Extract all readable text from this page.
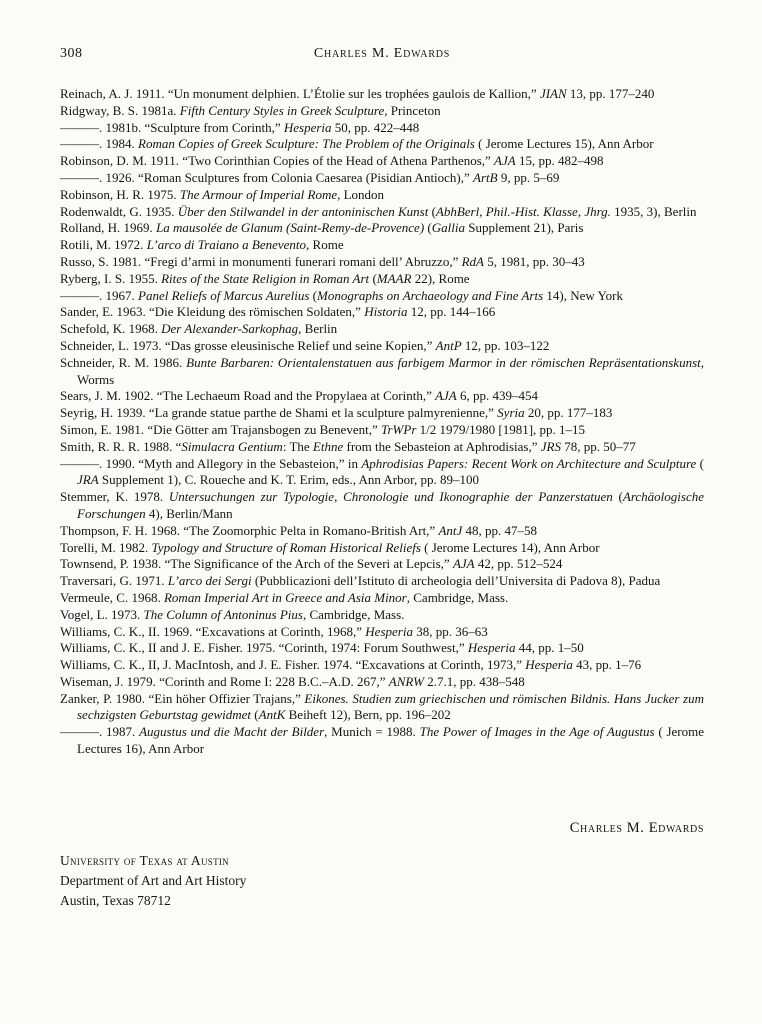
308	Charles M. Edwards

Reinach, A. J. 1911. “Un monument delphien. L’Étolie sur les trophées gaulois de Kallion,” JIAN 13, pp. 177–240

Ridgway, B. S. 1981a. Fifth Century Styles in Greek Sculpture, Princeton

———. 1981b. “Sculpture from Corinth,” Hesperia 50, pp. 422–448

———. 1984. Roman Copies of Greek Sculpture: The Problem of the Originals ( Jerome Lectures 15), Ann Arbor

Robinson, D. M. 1911. “Two Corinthian Copies of the Head of Athena Parthenos,” AJA 15, pp. 482–498

———. 1926. “Roman Sculptures from Colonia Caesarea (Pisidian Antioch),” ArtB 9, pp. 5–69

Robinson, H. R. 1975. The Armour of Imperial Rome, London

Rodenwaldt, G. 1935. Über den Stilwandel in der antoninischen Kunst (AbhBerl, Phil.-Hist. Klasse, Jhrg. 1935, 3), Berlin

Rolland, H. 1969. La mausolée de Glanum (Saint-Remy-de-Provence) (Gallia Supplement 21), Paris

Rotili, M. 1972. L’arco di Traiano a Benevento, Rome

Russo, S. 1981. “Fregi d’armi in monumenti funerari romani dell’ Abruzzo,” RdA 5, 1981, pp. 30–43

Ryberg, I. S. 1955. Rites of the State Religion in Roman Art (MAAR 22), Rome

———. 1967. Panel Reliefs of Marcus Aurelius (Monographs on Archaeology and Fine Arts 14), New York

Sander, E. 1963. “Die Kleidung des römischen Soldaten,” Historia 12, pp. 144–166

Schefold, K. 1968. Der Alexander-Sarkophag, Berlin

Schneider, L. 1973. “Das grosse eleusinische Relief und seine Kopien,” AntP 12, pp. 103–122

Schneider, R. M. 1986. Bunte Barbaren: Orientalenstatuen aus farbigem Marmor in der römischen Repräsentationskunst, Worms

Sears, J. M. 1902. “The Lechaeum Road and the Propylaea at Corinth,” AJA 6, pp. 439–454

Seyrig, H. 1939. “La grande statue parthe de Shami et la sculpture palmyrenienne,” Syria 20, pp. 177–183

Simon, E. 1981. “Die Götter am Trajansbogen zu Benevent,” TrWPr 1/2 1979/1980 [1981], pp. 1–15

Smith, R. R. R. 1988. “Simulacra Gentium: The Ethne from the Sebasteion at Aphrodisias,” JRS 78, pp. 50–77

———. 1990. “Myth and Allegory in the Sebasteion,” in Aphrodisias Papers: Recent Work on Architecture and Sculpture ( JRA Supplement 1), C. Roueche and K. T. Erim, eds., Ann Arbor, pp. 89–100

Stemmer, K. 1978. Untersuchungen zur Typologie, Chronologie und Ikonographie der Panzerstatuen (Archäologische Forschungen 4), Berlin/Mann

Thompson, F. H. 1968. “The Zoomorphic Pelta in Romano-British Art,” AntJ 48, pp. 47–58

Torelli, M. 1982. Typology and Structure of Roman Historical Reliefs ( Jerome Lectures 14), Ann Arbor

Townsend, P. 1938. “The Significance of the Arch of the Severi at Lepcis,” AJA 42, pp. 512–524

Traversari, G. 1971. L’arco dei Sergi (Pubblicazioni dell’Istituto di archeologia dell’Universita di Padova 8), Padua

Vermeule, C. 1968. Roman Imperial Art in Greece and Asia Minor, Cambridge, Mass.

Vogel, L. 1973. The Column of Antoninus Pius, Cambridge, Mass.

Williams, C. K., II. 1969. “Excavations at Corinth, 1968,” Hesperia 38, pp. 36–63

Williams, C. K., II and J. E. Fisher. 1975. “Corinth, 1974: Forum Southwest,” Hesperia 44, pp. 1–50

Williams, C. K., II, J. MacIntosh, and J. E. Fisher. 1974. “Excavations at Corinth, 1973,” Hesperia 43, pp. 1–76

Wiseman, J. 1979. “Corinth and Rome I: 228 B.C.–A.D. 267,” ANRW 2.7.1, pp. 438–548

Zanker, P. 1980. “Ein höher Offizier Trajans,” Eikones. Studien zum griechischen und römischen Bildnis. Hans Jucker zum sechzigsten Geburtstag gewidmet (AntK Beiheft 12), Bern, pp. 196–202

———. 1987. Augustus und die Macht der Bilder, Munich = 1988. The Power of Images in the Age of Augustus ( Jerome Lectures 16), Ann Arbor

Charles M. Edwards
University of Texas at Austin
Department of Art and Art History
Austin, Texas 78712
